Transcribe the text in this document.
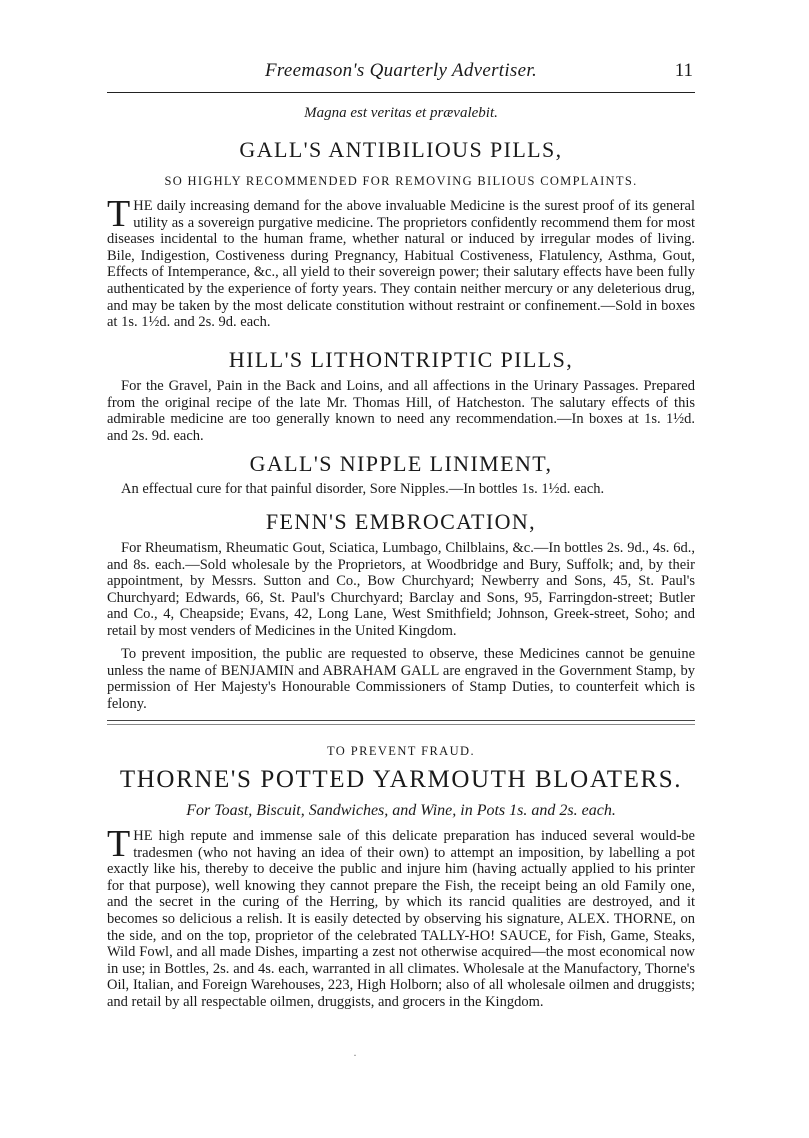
Freemason's Quarterly Advertiser.	11
Magna est veritas et prævalebit.
GALL'S ANTIBILIOUS PILLS,
SO HIGHLY RECOMMENDED FOR REMOVING BILIOUS COMPLAINTS.
THE daily increasing demand for the above invaluable Medicine is the surest proof of its general utility as a sovereign purgative medicine. The proprietors confidently recommend them for most diseases incidental to the human frame, whether natural or induced by irregular modes of living. Bile, Indigestion, Costiveness during Pregnancy, Habitual Costiveness, Flatulency, Asthma, Gout, Effects of Intemperance, &c., all yield to their sovereign power; their salutary effects have been fully authenticated by the experience of forty years. They contain neither mercury or any deleterious drug, and may be taken by the most delicate constitution without restraint or confinement.—Sold in boxes at 1s. 1½d. and 2s. 9d. each.
HILL'S LITHONTRIPTIC PILLS,
For the Gravel, Pain in the Back and Loins, and all affections in the Urinary Passages. Prepared from the original recipe of the late Mr. Thomas Hill, of Hatcheston. The salutary effects of this admirable medicine are too generally known to need any recommendation.—In boxes at 1s. 1½d. and 2s. 9d. each.
GALL'S NIPPLE LINIMENT,
An effectual cure for that painful disorder, Sore Nipples.—In bottles 1s. 1½d. each.
FENN'S EMBROCATION,
For Rheumatism, Rheumatic Gout, Sciatica, Lumbago, Chilblains, &c.—In bottles 2s. 9d., 4s. 6d., and 8s. each.—Sold wholesale by the Proprietors, at Woodbridge and Bury, Suffolk; and, by their appointment, by Messrs. Sutton and Co., Bow Churchyard; Newberry and Sons, 45, St. Paul's Churchyard; Edwards, 66, St. Paul's Churchyard; Barclay and Sons, 95, Farringdon-street; Butler and Co., 4, Cheapside; Evans, 42, Long Lane, West Smithfield; Johnson, Greek-street, Soho; and retail by most venders of Medicines in the United Kingdom.
To prevent imposition, the public are requested to observe, these Medicines cannot be genuine unless the name of BENJAMIN and ABRAHAM GALL are engraved in the Government Stamp, by permission of Her Majesty's Honourable Commissioners of Stamp Duties, to counterfeit which is felony.
TO PREVENT FRAUD.
THORNE'S POTTED YARMOUTH BLOATERS.
For Toast, Biscuit, Sandwiches, and Wine, in Pots 1s. and 2s. each.
THE high repute and immense sale of this delicate preparation has induced several would-be tradesmen (who not having an idea of their own) to attempt an imposition, by labelling a pot exactly like his, thereby to deceive the public and injure him (having actually applied to his printer for that purpose), well knowing they cannot prepare the Fish, the receipt being an old Family one, and the secret in the curing of the Herring, by which its rancid qualities are destroyed, and it becomes so delicious a relish. It is easily detected by observing his signature, ALEX. THORNE, on the side, and on the top, proprietor of the celebrated TALLY-HO! SAUCE, for Fish, Game, Steaks, Wild Fowl, and all made Dishes, imparting a zest not otherwise acquired—the most economical now in use; in Bottles, 2s. and 4s. each, warranted in all climates. Wholesale at the Manufactory, Thorne's Oil, Italian, and Foreign Warehouses, 223, High Holborn; also of all wholesale oilmen and druggists; and retail by all respectable oilmen, druggists, and grocers in the Kingdom.
·
